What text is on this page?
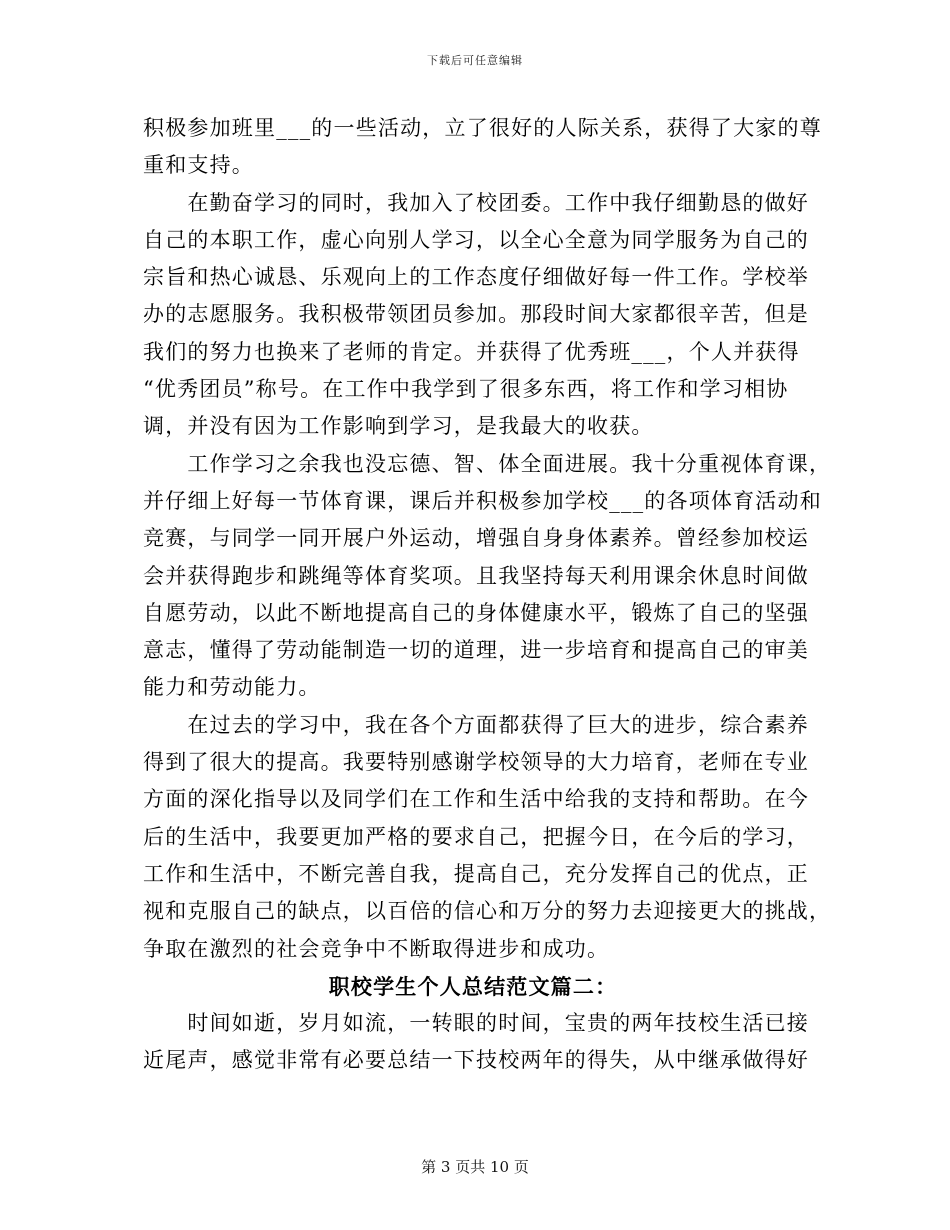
下载后可任意编辑
积极参加班里___的一些活动，立了很好的人际关系，获得了大家的尊
重和支持。
　　在勤奋学习的同时，我加入了校团委。工作中我仔细勤恳的做好
自己的本职工作，虚心向别人学习，以全心全意为同学服务为自己的
宗旨和热心诚恳、乐观向上的工作态度仔细做好每一件工作。学校举
办的志愿服务。我积极带领团员参加。那段时间大家都很辛苦，但是
我们的努力也换来了老师的肯定。并获得了优秀班___，个人并获得
“优秀团员”称号。在工作中我学到了很多东西，将工作和学习相协
调，并没有因为工作影响到学习，是我最大的收获。
　　工作学习之余我也没忘德、智、体全面进展。我十分重视体育课，
并仔细上好每一节体育课，课后并积极参加学校___的各项体育活动和
竞赛，与同学一同开展户外运动，增强自身身体素养。曾经参加校运
会并获得跑步和跳绳等体育奖项。且我坚持每天利用课余休息时间做
自愿劳动，以此不断地提高自己的身体健康水平，锻炼了自己的坚强
意志，懂得了劳动能制造一切的道理，进一步培育和提高自己的审美
能力和劳动能力。
　　在过去的学习中，我在各个方面都获得了巨大的进步，综合素养
得到了很大的提高。我要特别感谢学校领导的大力培育，老师在专业
方面的深化指导以及同学们在工作和生活中给我的支持和帮助。在今
后的生活中，我要更加严格的要求自己，把握今日，在今后的学习，
工作和生活中，不断完善自我，提高自己，充分发挥自己的优点，正
视和克服自己的缺点，以百倍的信心和万分的努力去迎接更大的挑战，
争取在激烈的社会竞争中不断取得进步和成功。
职校学生个人总结范文篇二：
　　时间如逝，岁月如流，一转眼的时间，宝贵的两年技校生活已接
近尾声，感觉非常有必要总结一下技校两年的得失，从中继承做得好
第 3 页共 10 页
